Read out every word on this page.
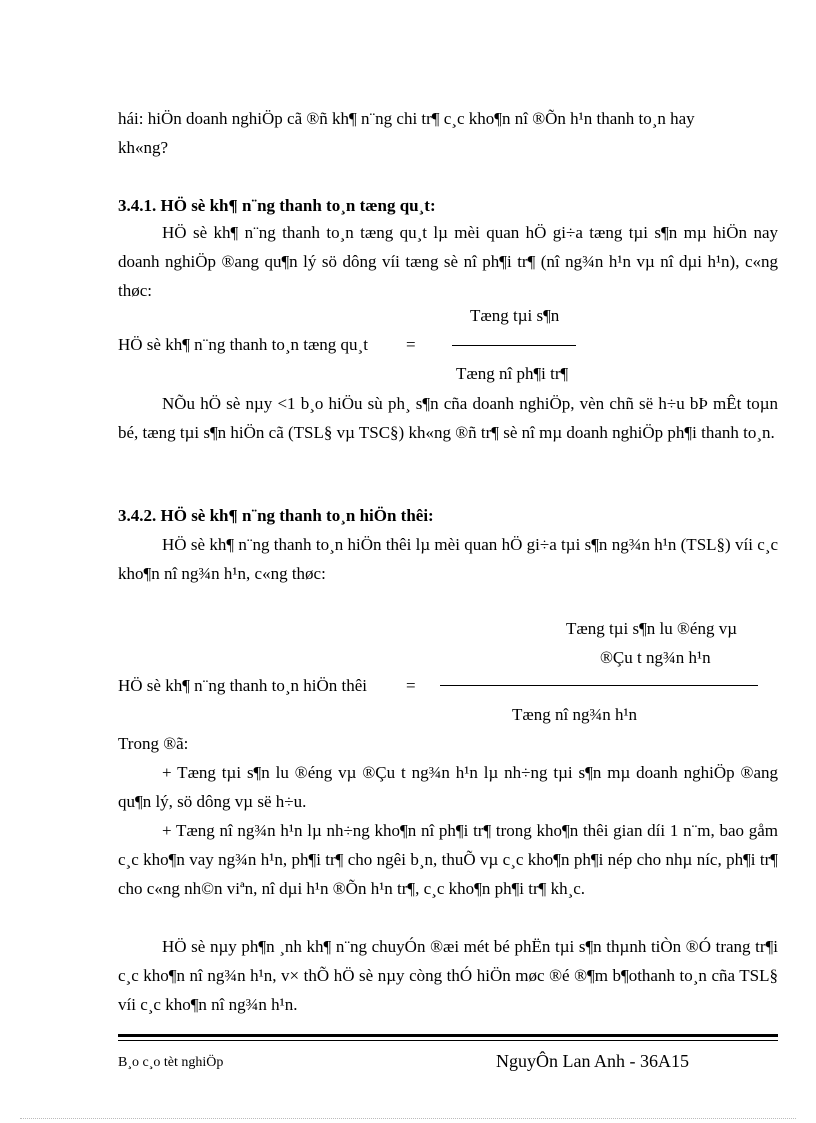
hái: hiÖn doanh nghiÖp cã ®ñ kh¶ n¨ng chi tr¶ c¸c kho¶n nî ®Õn h¹n thanh to¸n hay
kh«ng?
3.4.1. HÖ sè kh¶ n¨ng thanh to¸n tæng qu¸t:
HÖ sè kh¶ n¨ng thanh to¸n tæng qu¸t lµ mèi quan hÖ gi÷a tæng tµi s¶n mµ hiÖn nay doanh nghiÖp ®ang qu¶n lý sö dông víi tæng sè nî ph¶i tr¶ (nî ng¾n h¹n vµ nî dµi h¹n), c«ng thøc:
Tæng tµi s¶n
HÖ sè kh¶ n¨ng thanh to¸n tæng qu¸t =
Tæng nî ph¶i tr¶
NÕu hÖ sè nµy <1 b¸o hiÖu sù ph¸ s¶n cña doanh nghiÖp, vèn chñ së h÷u bÞ mÊt toµn bé, tæng tµi s¶n hiÖn cã (TSL§ vµ TSC§) kh«ng ®ñ tr¶ sè nî mµ doanh nghiÖp ph¶i thanh to¸n.
3.4.2. HÖ sè kh¶ n¨ng thanh to¸n hiÖn thêi:
HÖ sè kh¶ n¨ng thanh to¸n hiÖn thêi lµ mèi quan hÖ gi÷a tµi s¶n ng¾n h¹n (TSL§) víi c¸c kho¶n nî ng¾n h¹n, c«ng thøc:
Tæng tµi s¶n lu ®éng vµ
®Çu t ng¾n h¹n
HÖ sè kh¶ n¨ng thanh to¸n hiÖn thêi =
Tæng nî ng¾n h¹n
Trong ®ã:
+ Tæng tµi s¶n lu ®éng vµ ®Çu t ng¾n h¹n lµ nh÷ng tµi s¶n mµ doanh nghiÖp ®ang qu¶n lý, sö dông vµ së h÷u.
+ Tæng nî ng¾n h¹n lµ nh÷ng kho¶n nî ph¶i tr¶ trong kho¶n thêi gian díi 1 n¨m, bao gåm c¸c kho¶n vay ng¾n h¹n, ph¶i tr¶ cho ngêi b¸n, thuÕ vµ c¸c kho¶n ph¶i nép cho nhµ níc, ph¶i tr¶ cho c«ng nh©n viªn, nî dµi h¹n ®Õn h¹n tr¶, c¸c kho¶n ph¶i tr¶ kh¸c.
HÖ sè nµy ph¶n ¸nh kh¶ n¨ng chuyÓn ®æi mét bé phËn tµi s¶n thµnh tiÒn ®Ó trang tr¶i c¸c kho¶n nî ng¾n h¹n, v× thÕ hÖ sè nµy còng thÓ hiÖn møc ®é ®¶m b¶othanh to¸n cña TSL§ víi c¸c kho¶n nî ng¾n h¹n.
B¸o c¸o tèt nghiÖp	NguyÔn Lan Anh - 36A15
